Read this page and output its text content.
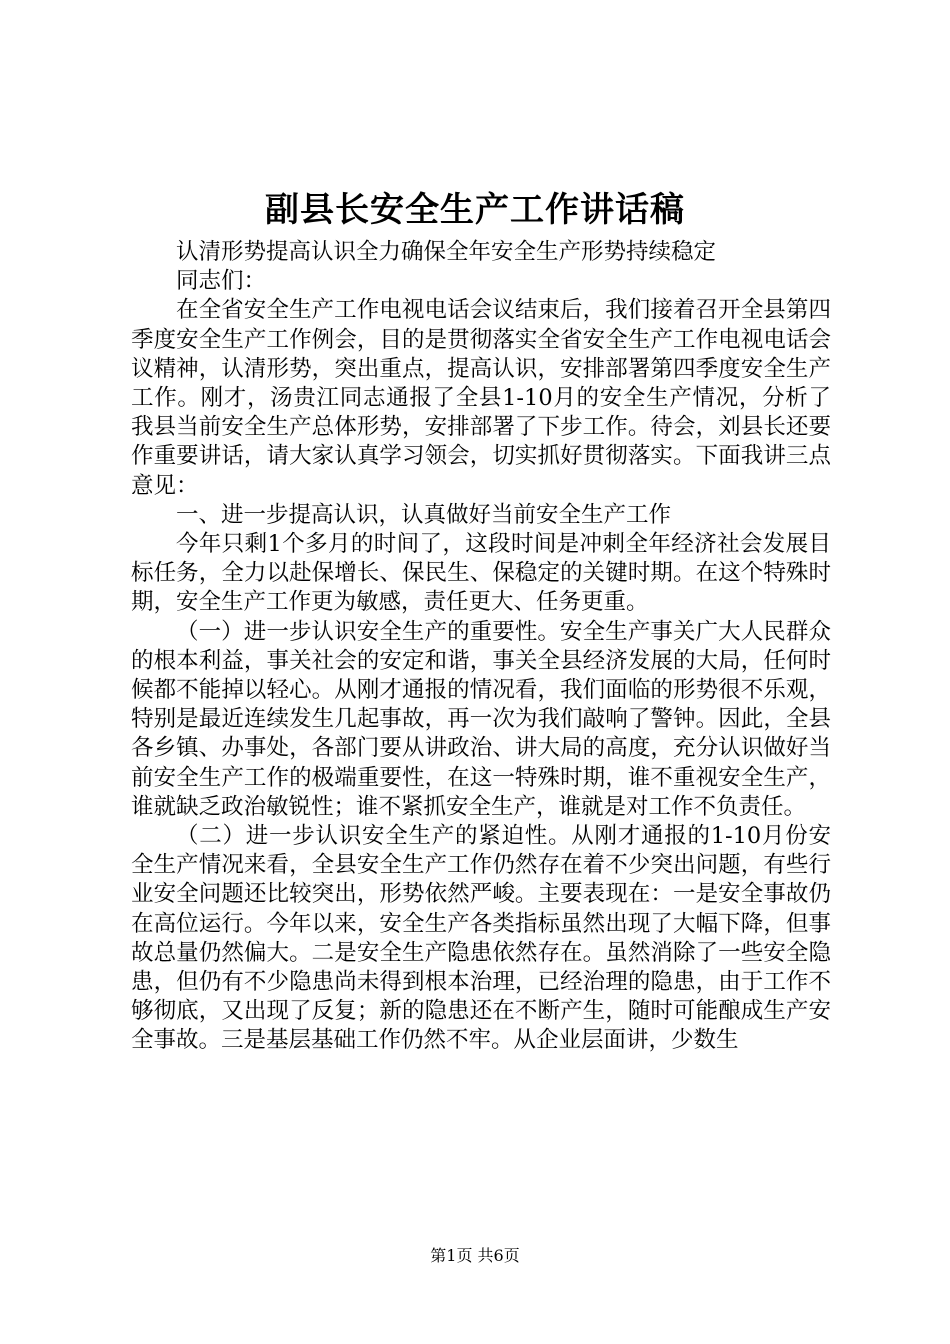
副县长安全生产工作讲话稿

认清形势提高认识全力确保全年安全生产形势持续稳定

同志们：

在全省安全生产工作电视电话会议结束后，我们接着召开全县第四季度安全生产工作例会，目的是贯彻落实全省安全生产工作电视电话会议精神，认清形势，突出重点，提高认识，安排部署第四季度安全生产工作。刚才，汤贵江同志通报了全县1-10月的安全生产情况，分析了我县当前安全生产总体形势，安排部署了下步工作。待会，刘县长还要作重要讲话，请大家认真学习领会，切实抓好贯彻落实。下面我讲三点意见：

一、进一步提高认识，认真做好当前安全生产工作

今年只剩1个多月的时间了，这段时间是冲刺全年经济社会发展目标任务，全力以赴保增长、保民生、保稳定的关键时期。在这个特殊时期，安全生产工作更为敏感，责任更大、任务更重。

（一）进一步认识安全生产的重要性。安全生产事关广大人民群众的根本利益，事关社会的安定和谐，事关全县经济发展的大局，任何时候都不能掉以轻心。从刚才通报的情况看，我们面临的形势很不乐观，特别是最近连续发生几起事故，再一次为我们敲响了警钟。因此，全县各乡镇、办事处，各部门要从讲政治、讲大局的高度，充分认识做好当前安全生产工作的极端重要性，在这一特殊时期，谁不重视安全生产，谁就缺乏政治敏锐性；谁不紧抓安全生产，谁就是对工作不负责任。

（二）进一步认识安全生产的紧迫性。从刚才通报的1-10月份安全生产情况来看，全县安全生产工作仍然存在着不少突出问题，有些行业安全问题还比较突出，形势依然严峻。主要表现在：一是安全事故仍在高位运行。今年以来，安全生产各类指标虽然出现了大幅下降，但事故总量仍然偏大。二是安全生产隐患依然存在。虽然消除了一些安全隐患，但仍有不少隐患尚未得到根本治理，已经治理的隐患，由于工作不够彻底，又出现了反复；新的隐患还在不断产生，随时可能酿成生产安全事故。三是基层基础工作仍然不牢。从企业层面讲，少数生

第1页 共6页
